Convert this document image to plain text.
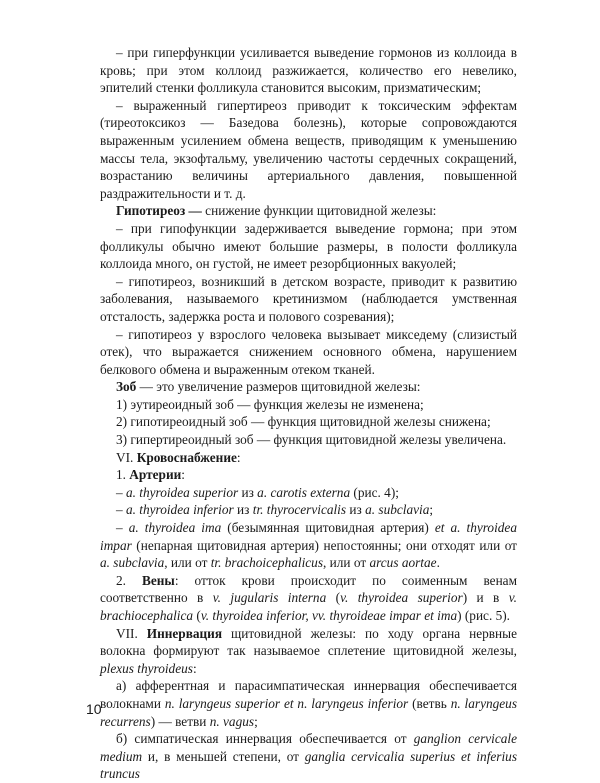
– при гиперфункции усиливается выведение гормонов из коллоида в кровь; при этом коллоид разжижается, количество его невелико, эпителий стенки фолликула становится высоким, призматическим;

– выраженный гипертиреоз приводит к токсическим эффектам (тиреотоксикоз — Базедова болезнь), которые сопровождаются выраженным усилением обмена веществ, приводящим к уменьшению массы тела, экзофтальму, увеличению частоты сердечных сокращений, возрастанию величины артериального давления, повышенной раздражительности и т. д.

Гипотиреоз — снижение функции щитовидной железы:

– при гипофункции задерживается выведение гормона; при этом фолликулы обычно имеют большие размеры, в полости фолликула коллоида много, он густой, не имеет резорбционных вакуолей;

– гипотиреоз, возникший в детском возрасте, приводит к развитию заболевания, называемого кретинизмом (наблюдается умственная отсталость, задержка роста и полового созревания);

– гипотиреоз у взрослого человека вызывает микседему (слизистый отек), что выражается снижением основного обмена, нарушением белкового обмена и выраженным отеком тканей.

Зоб — это увеличение размеров щитовидной железы:

1) эутиреоидный зоб — функция железы не изменена;

2) гипотиреоидный зоб — функция щитовидной железы снижена;

3) гипертиреоидный зоб — функция щитовидной железы увеличена.

VI. Кровоснабжение:

1. Артерии:

– a. thyroidea superior из a. carotis externa (рис. 4);

– a. thyroidea inferior из tr. thyrocervicalis из a. subclavia;

– a. thyroidea ima (безымянная щитовидная артерия) et a. thyroidea impar (непарная щитовидная артерия) непостоянны; они отходят или от a. subclavia, или от tr. brachoicephalicus, или от arcus aortae.

2. Вены: отток крови происходит по соименным венам соответственно в v. jugularis interna (v. thyroidea superior) и в v. brachiocephalica (v. thyroidea inferior, vv. thyroideae impar et ima) (рис. 5).

VII. Иннервация щитовидной железы: по ходу органа нервные волокна формируют так называемое сплетение щитовидной железы, plexus thyroideus:

а) афферентная и парасимпатическая иннервация обеспечивается волокнами n. laryngeus superior et n. laryngeus inferior (ветвь n. laryngeus recurrens) — ветви n. vagus;

б) симпатическая иннервация обеспечивается от ganglion cervicale medium и, в меньшей степени, от ganglia cervicalia superius et inferius truncus

10
